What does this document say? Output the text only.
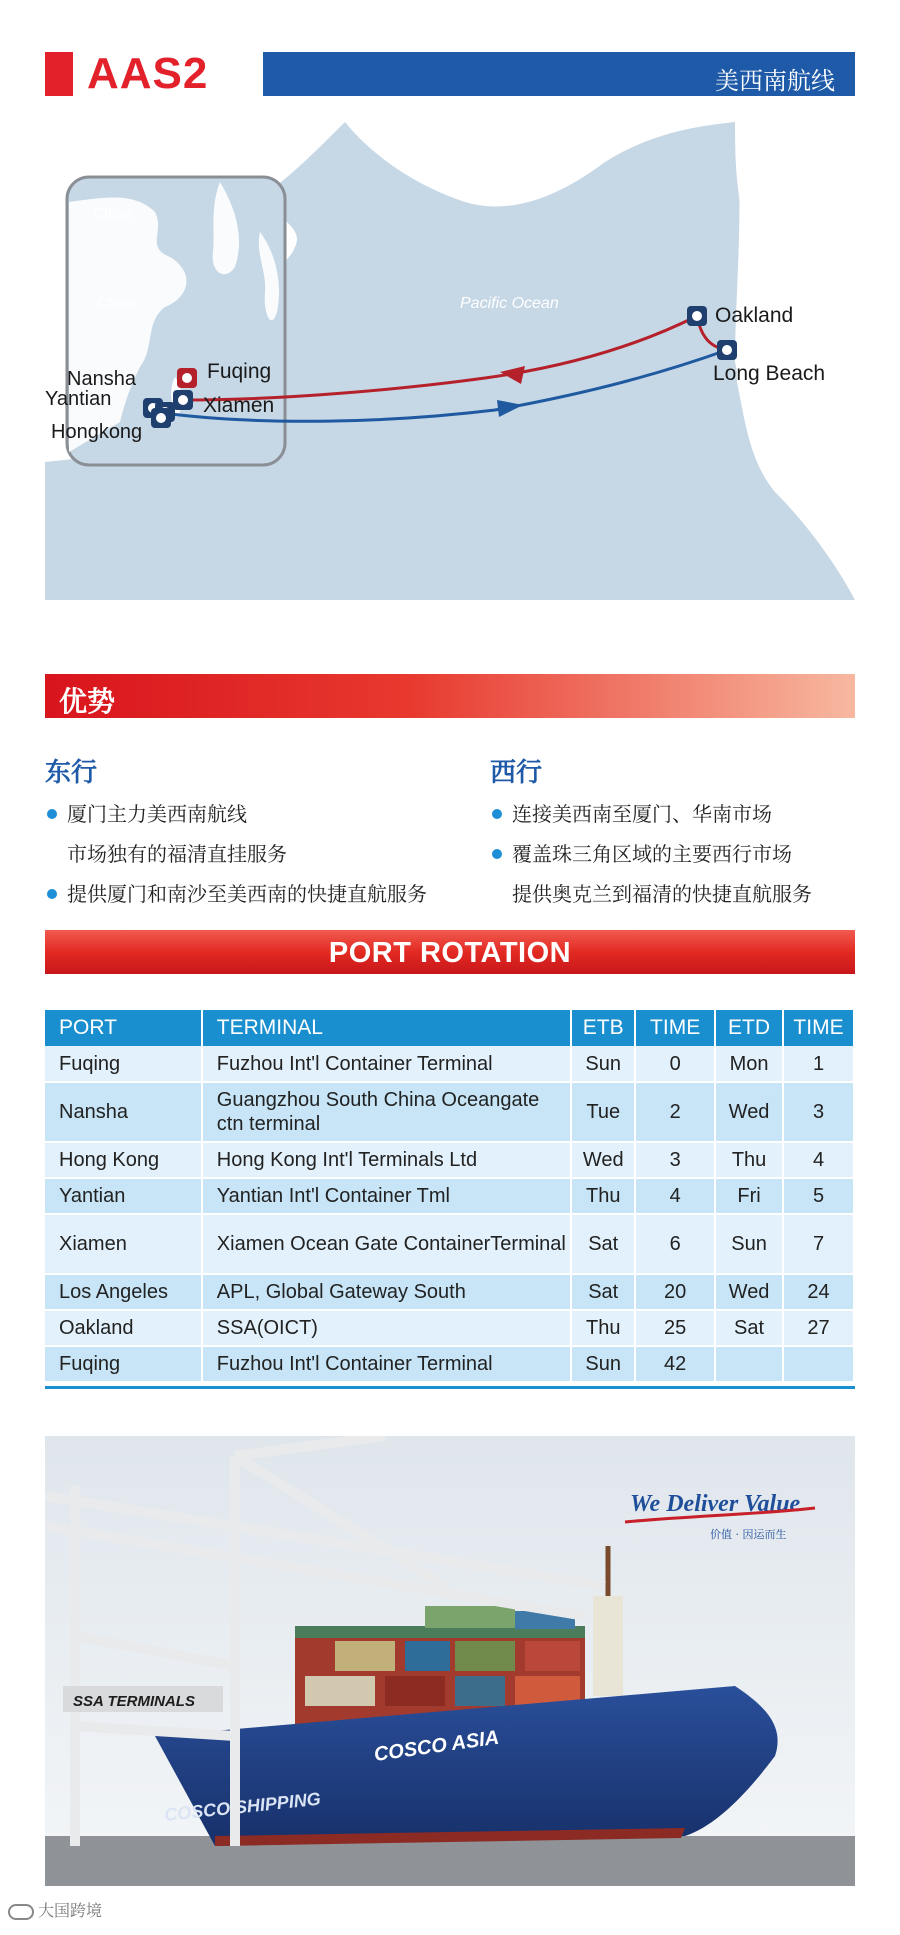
AAS2	美西南航线
China
China	Pacific Ocean
USA
Oakland
Long Beach
Nansha	Fuqing
Yantian	Xiamen
Hongkong
优势
东行
厦门主力美西南航线
市场独有的福清直挂服务
提供厦门和南沙至美西南的快捷直航服务
西行
连接美西南至厦门、华南市场
覆盖珠三角区域的主要西行市场
提供奥克兰到福清的快捷直航服务
PORT ROTATION
PORT	TERMINAL	ETB	TIME	ETD	TIME
Fuqing	Fuzhou Int'l Container Terminal	Sun	0	Mon	1
Nansha	Guangzhou South China Oceangate ctn terminal	Tue	2	Wed	3
Hong Kong	Hong Kong Int'l Terminals Ltd	Wed	3	Thu	4
Yantian	Yantian Int'l Container Tml	Thu	4	Fri	5
Xiamen	Xiamen Ocean Gate ContainerTerminal	Sat	6	Sun	7
Los Angeles	APL, Global Gateway South	Sat	20	Wed	24
Oakland	SSA(OICT)	Thu	25	Sat	27
Fuqing	Fuzhou Int'l Container Terminal	Sun	42		
COSCO ASIA
COSCO SHIPPING
SSA TERMINALS
We Deliver Value
价值 · 因运而生
大国跨境
